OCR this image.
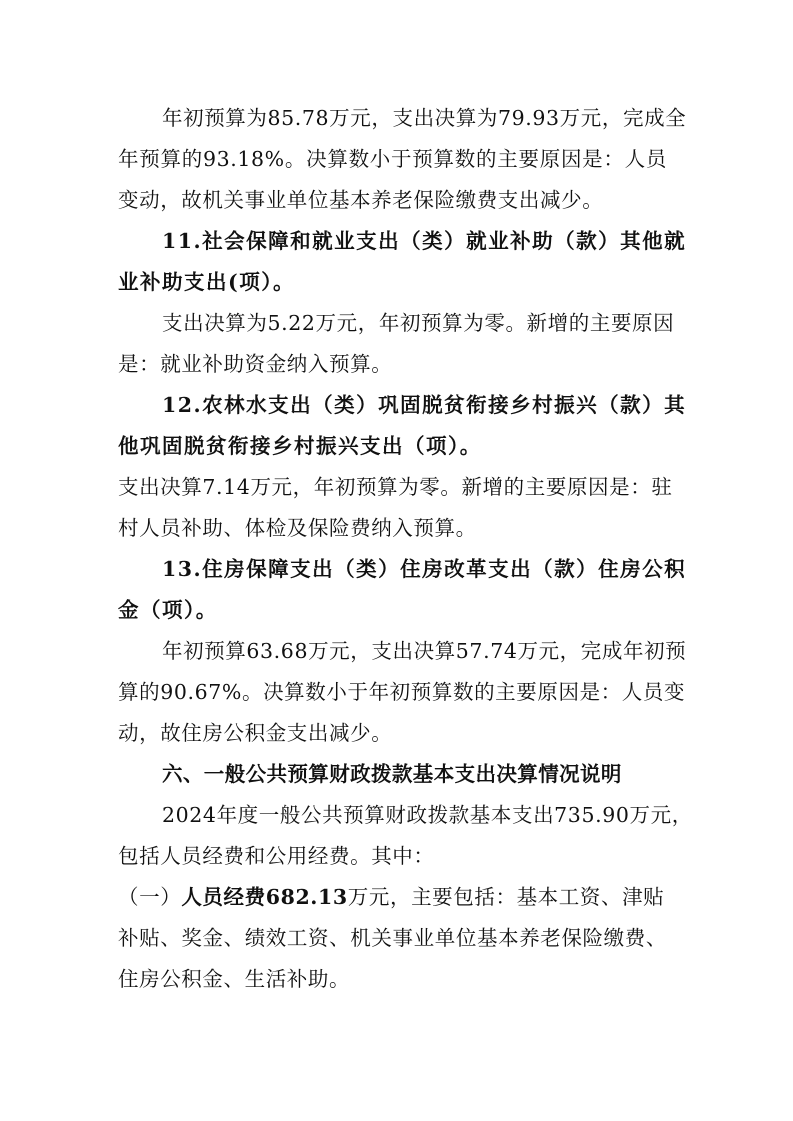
年初预算为85.78万元，支出决算为79.93万元，完成全
年预算的93.18%。决算数小于预算数的主要原因是：人员
变动，故机关事业单位基本养老保险缴费支出减少。
11.社会保障和就业支出（类）就业补助（款）其他就
业补助支出(项）。
支出决算为5.22万元，年初预算为零。新增的主要原因
是：就业补助资金纳入预算。
12.农林水支出（类）巩固脱贫衔接乡村振兴（款）其
他巩固脱贫衔接乡村振兴支出（项）。
支出决算7.14万元，年初预算为零。新增的主要原因是：驻
村人员补助、体检及保险费纳入预算。
13.住房保障支出（类）住房改革支出（款）住房公积
金（项）。
年初预算63.68万元，支出决算57.74万元，完成年初预
算的90.67%。决算数小于年初预算数的主要原因是：人员变
动，故住房公积金支出减少。
六、一般公共预算财政拨款基本支出决算情况说明
2024年度一般公共预算财政拨款基本支出735.90万元，
包括人员经费和公用经费。其中：
（一）人员经费682.13万元，主要包括：基本工资、津贴
补贴、奖金、绩效工资、机关事业单位基本养老保险缴费、
住房公积金、生活补助。
